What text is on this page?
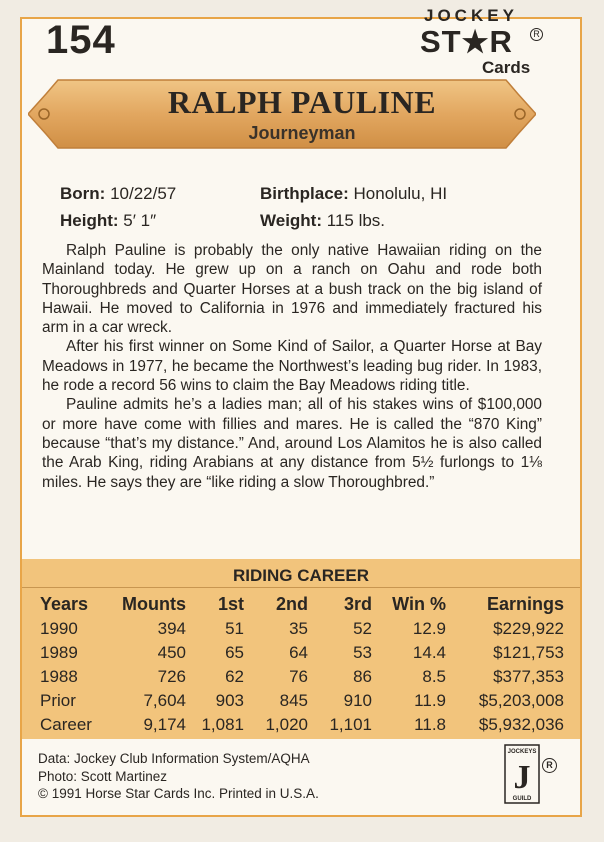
154
JOCKEY
ST★R	R
Cards
RALPH PAULINE
Journeyman
Born: 10/22/57	Birthplace: Honolulu, HI
Height: 5′ 1″	Weight: 115 lbs.

Ralph Pauline is probably the only native Hawaiian riding on the Mainland today. He grew up on a ranch on Oahu and rode both Thoroughbreds and Quarter Horses at a bush track on the big island of Hawaii. He moved to California in 1976 and immediately fractured his arm in a car wreck.

After his first winner on Some Kind of Sailor, a Quarter Horse at Bay Meadows in 1977, he became the Northwest’s leading bug rider. In 1983, he rode a record 56 wins to claim the Bay Meadows riding title.

Pauline admits he’s a ladies man; all of his stakes wins of $100,000 or more have come with fillies and mares. He is called the “870 King” because “that’s my distance.” And, around Los Alamitos he is also called the Arab King, riding Arabians at any distance from 5½ furlongs to 1⅛ miles. He says they are “like riding a slow Thoroughbred.”

RIDING CAREER
Years	Mounts	1st	2nd	3rd	Win %	Earnings
1990	394	51	35	52	12.9	$229,922
1989	450	65	64	53	14.4	$121,753
1988	726	62	76	86	8.5	$377,353
Prior	7,604	903	845	910	11.9	$5,203,008
Career	9,174	1,081	1,020	1,101	11.8	$5,932,036
Data: Jockey Club Information System/AQHA
Photo: Scott Martinez
© 1991 Horse Star Cards Inc. Printed in U.S.A.
JOCKEYS
J
GUILD
R
